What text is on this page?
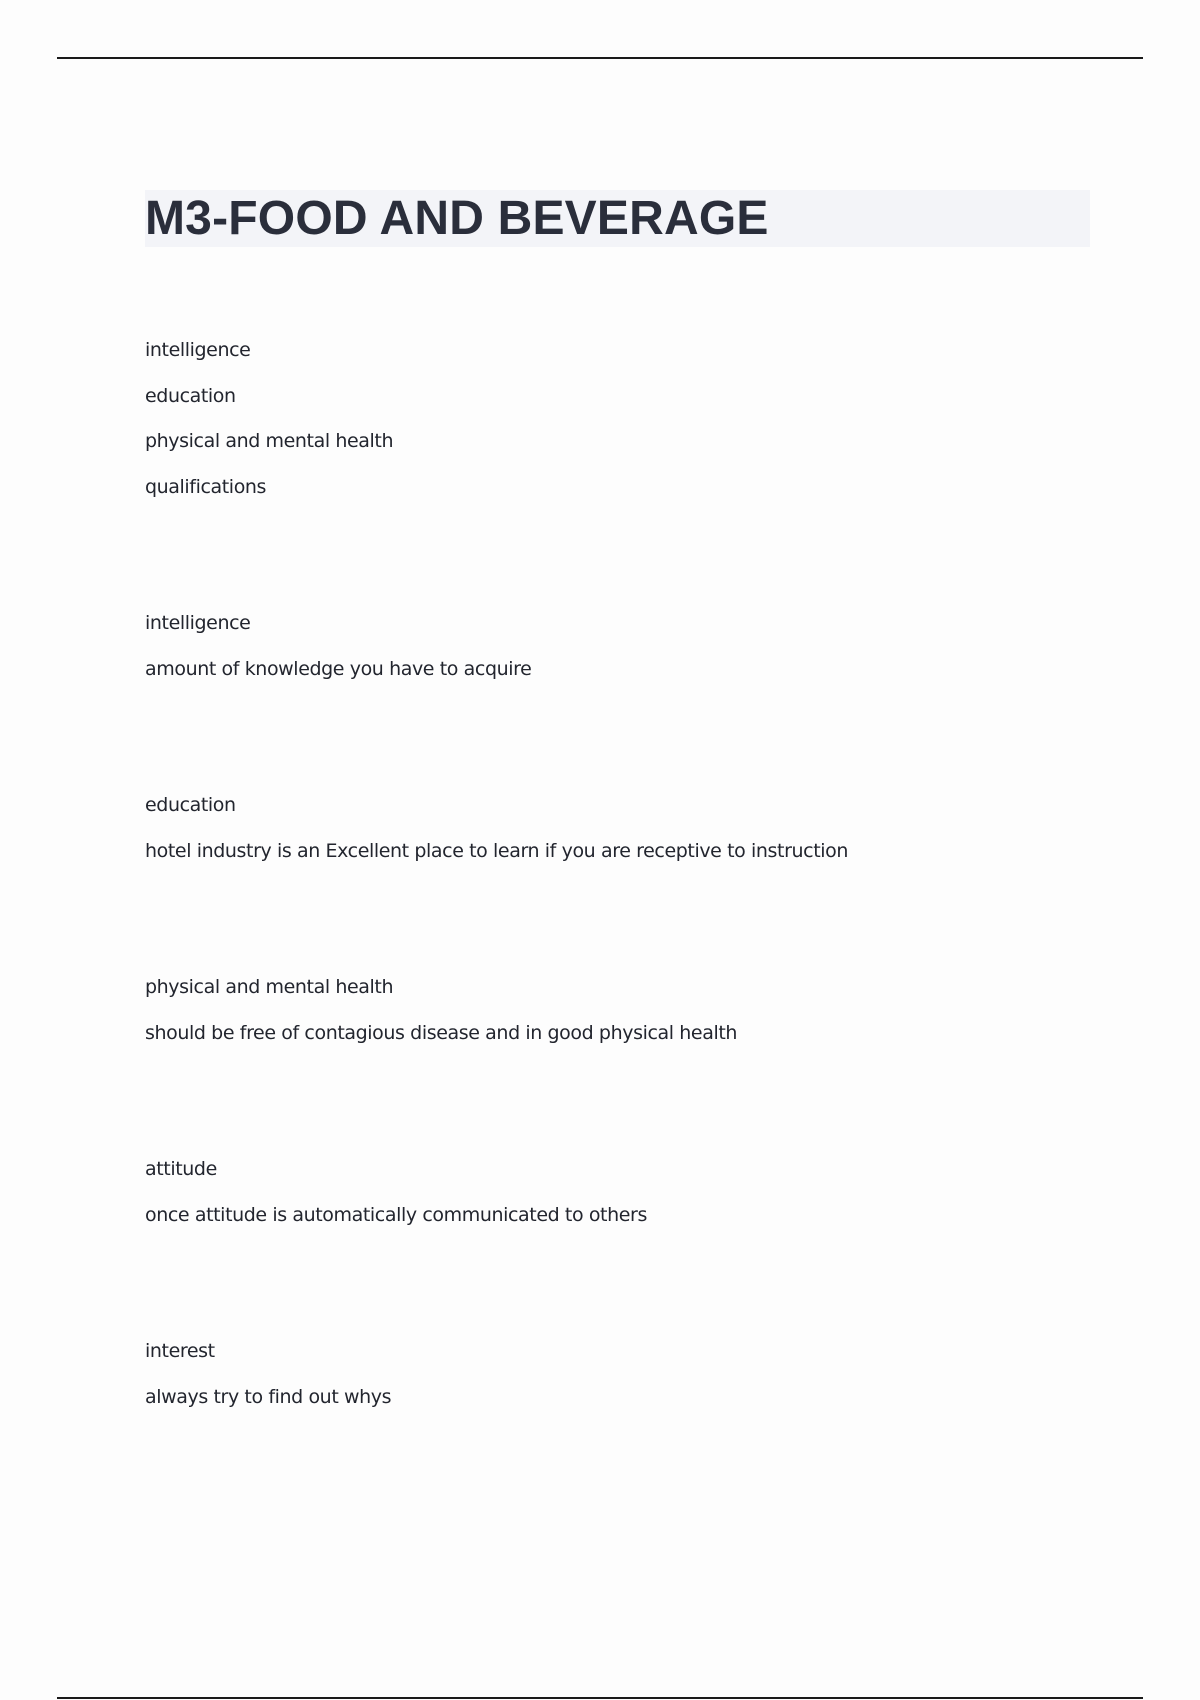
M3-FOOD AND BEVERAGE

intelligence

education

physical and mental health

qualifications

intelligence

amount of knowledge you have to acquire

education

hotel industry is an Excellent place to learn if you are receptive to instruction

physical and mental health

should be free of contagious disease and in good physical health

attitude

once attitude is automatically communicated to others

interest

always try to find out whys
